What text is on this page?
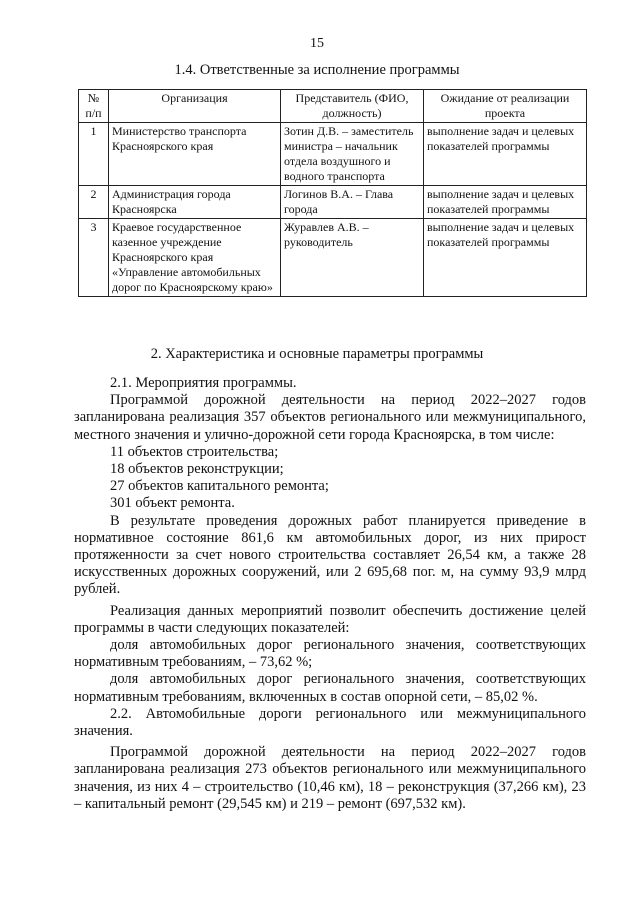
15
1.4. Ответственные за исполнение программы
№ п/п	Организация	Представитель (ФИО, должность)	Ожидание от реализации проекта
1	Министерство транспорта Красноярского края	Зотин Д.В. – заместитель министра – начальник отдела воздушного и водного транспорта	выполнение задач и целевых показателей программы
2	Администрация города Красноярска	Логинов В.А. – Глава города	выполнение задач и целевых показателей программы
3	Краевое государственное казенное учреждение Красноярского края «Управление автомобильных дорог по Красноярскому краю»	Журавлев А.В. – руководитель	выполнение задач и целевых показателей программы
2. Характеристика и основные параметры программы

2.1. Мероприятия программы.

Программой дорожной деятельности на период 2022–2027 годов запланирована реализация 357 объектов регионального или межмуниципального, местного значения и улично-дорожной сети города Красноярска, в том числе:

11 объектов строительства;

18 объектов реконструкции;

27 объектов капитального ремонта;

301 объект ремонта.

В результате проведения дорожных работ планируется приведение в нормативное состояние 861,6 км автомобильных дорог, из них прирост протяженности за счет нового строительства составляет 26,54 км, а также 28 искусственных дорожных сооружений, или 2 695,68 пог. м, на сумму 93,9 млрд рублей.

Реализация данных мероприятий позволит обеспечить достижение целей программы в части следующих показателей:

доля автомобильных дорог регионального значения, соответствующих нормативным требованиям, – 73,62 %;

доля автомобильных дорог регионального значения, соответствующих нормативным требованиям, включенных в состав опорной сети, – 85,02 %.

2.2. Автомобильные дороги регионального или межмуниципального значения.

Программой дорожной деятельности на период 2022–2027 годов запланирована реализация 273 объектов регионального или межмуниципального значения, из них 4 – строительство (10,46 км), 18 – реконструкция (37,266 км), 23 – капитальный ремонт (29,545 км) и 219 – ремонт (697,532 км).
